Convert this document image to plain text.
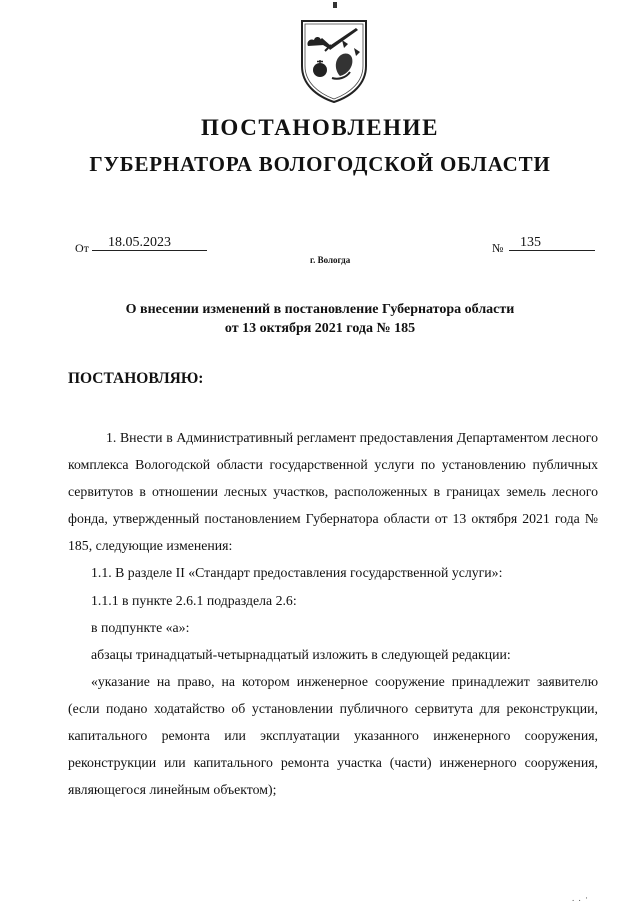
ПОСТАНОВЛЕНИЕ
ГУБЕРНАТОРА ВОЛОГОДСКОЙ ОБЛАСТИ
От	18.05.2023	№	135
г. Вологда
О внесении изменений в постановление Губернатора области
от 13 октября 2021 года № 185

ПОСТАНОВЛЯЮ:

1. Внести в Административный регламент предоставления Департаментом лесного комплекса Вологодской области государственной услуги по установлению публичных сервитутов в отношении лесных участков, расположенных в границах земель лесного фонда, утвержденный постановлением Губернатора области от 13 октября 2021 года № 185, следующие изменения:

1.1. В разделе II «Стандарт предоставления государственной услуги»:

1.1.1 в пункте 2.6.1 подраздела 2.6:

в подпункте «а»:

абзацы тринадцатый-четырнадцатый изложить в следующей редакции:

«указание на право, на котором инженерное сооружение принадлежит заявителю (если подано ходатайство об установлении публичного сервитута для реконструкции, капитального ремонта или эксплуатации указанного инженерного сооружения, реконструкции или капитального ремонта участка (части) инженерного сооружения, являющегося линейным объектом);

. . ·
